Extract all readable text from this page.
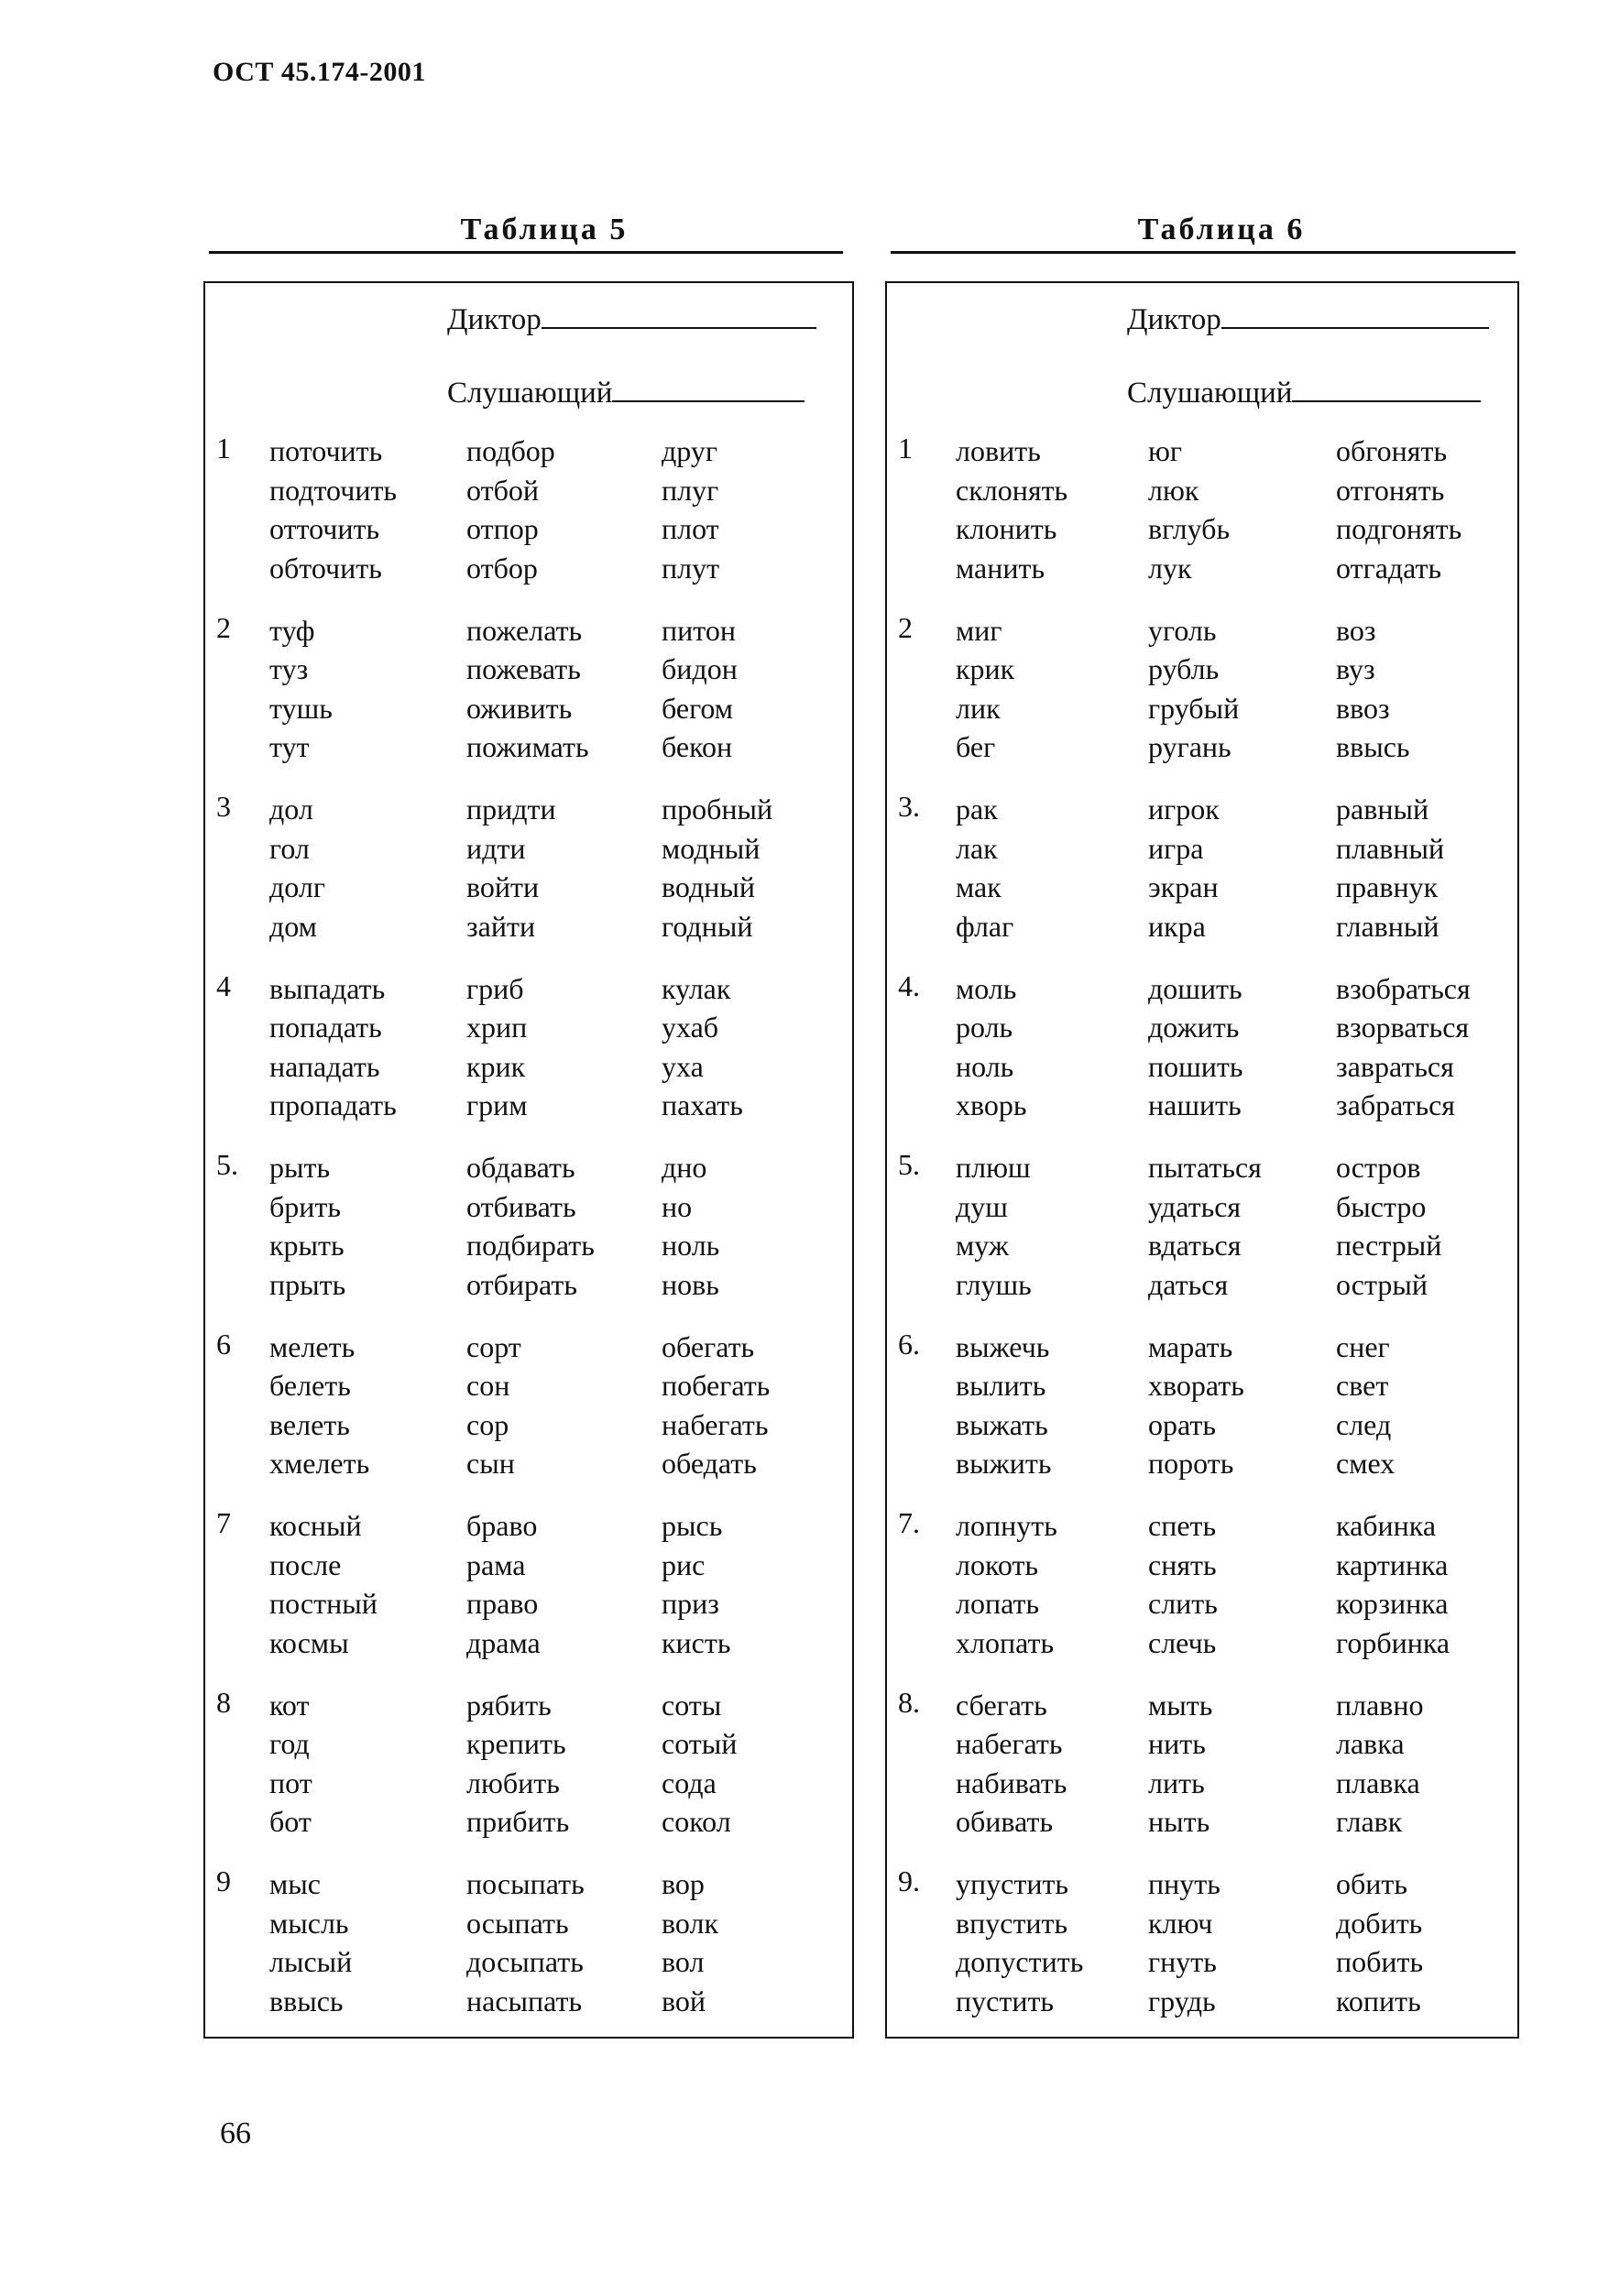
ОСТ 45.174-2001
Таблица 5
Диктор
Слушающий
1 поточить
подточить
отточить
обточить
подбор
отбой
отпор
отбор
друг
плуг
плот
плут
2 туф
туз
тушь
тут
пожелать
пожевать
оживить
пожимать
питон
бидон
бегом
бекон
3 дол
гол
долг
дом
придти
идти
войти
зайти
пробный
модный
водный
годный
4 выпадать
попадать
нападать
пропадать
гриб
хрип
крик
грим
кулак
ухаб
уха
пахать
5. рыть
брить
крыть
прыть
обдавать
отбивать
подбирать
отбирать
дно
но
ноль
новь
6 мелеть
белеть
велеть
хмелеть
сорт
сон
сор
сын
обегать
побегать
набегать
обедать
7 косный
после
постный
космы
браво
рама
право
драма
рысь
рис
приз
кисть
8 кот
год
пот
бот
рябить
крепить
любить
прибить
соты
сотый
сода
сокол
9 мыс
мысль
лысый
ввысь
посыпать
осыпать
досыпать
насыпать
вор
волк
вол
вой
Таблица 6
Диктор
Слушающий
1 ловить
склонять
клонить
манить
юг
люк
вглубь
лук
обгонять
отгонять
подгонять
отгадать
2 миг
крик
лик
бег
уголь
рубль
грубый
ругань
воз
вуз
ввоз
ввысь
3. рак
лак
мак
флаг
игрок
игра
экран
икра
равный
плавный
правнук
главный
4. моль
роль
ноль
хворь
дошить
дожить
пошить
нашить
взобраться
взорваться
завраться
забраться
5. плюш
душ
муж
глушь
пытаться
удаться
вдаться
даться
остров
быстро
пестрый
острый
6. выжечь
вылить
выжать
выжить
марать
хворать
орать
пороть
снег
свет
след
смех
7. лопнуть
локоть
лопать
хлопать
спеть
снять
слить
слечь
кабинка
картинка
корзинка
горбинка
8. сбегать
набегать
набивать
обивать
мыть
нить
лить
ныть
плавно
лавка
плавка
главк
9. упустить
впустить
допустить
пустить
пнуть
ключ
гнуть
грудь
обить
добить
побить
копить
66
